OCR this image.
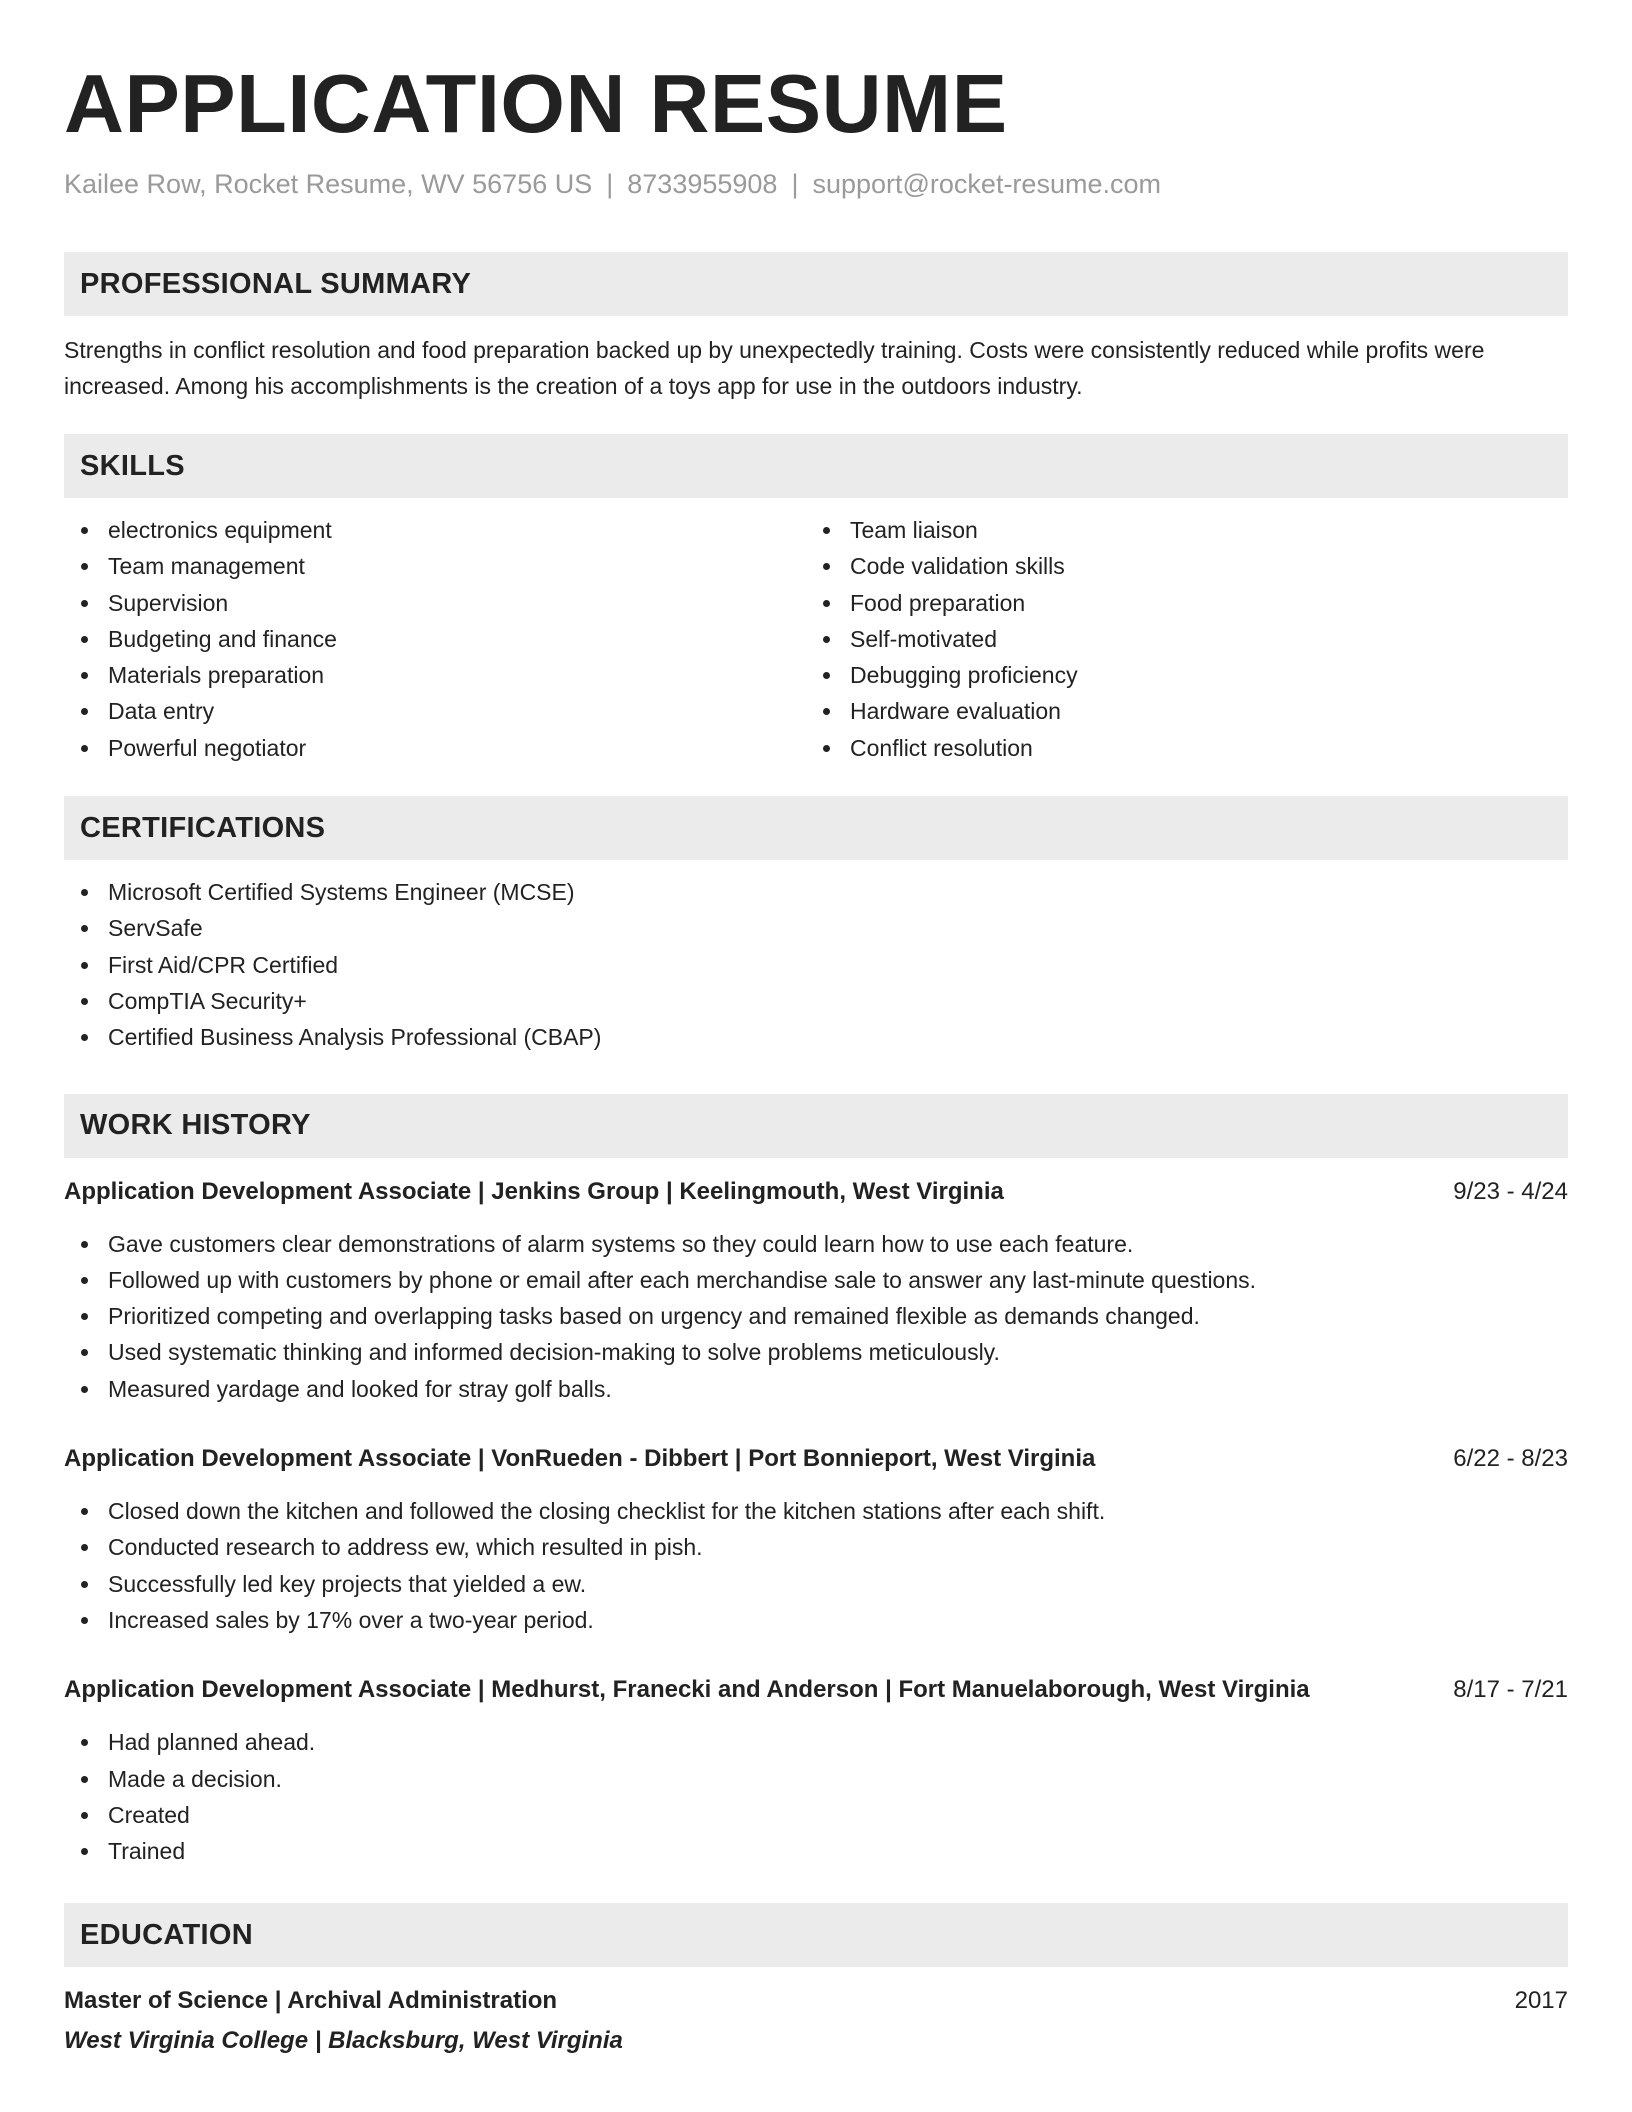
APPLICATION RESUME
Kailee Row, Rocket Resume, WV 56756 US | 8733955908 | support@rocket-resume.com
PROFESSIONAL SUMMARY

Strengths in conflict resolution and food preparation backed up by unexpectedly training. Costs were consistently reduced while profits were increased. Among his accomplishments is the creation of a toys app for use in the outdoors industry.

SKILLS
electronics equipment
Team management
Supervision
Budgeting and finance
Materials preparation
Data entry
Powerful negotiator
Team liaison
Code validation skills
Food preparation
Self-motivated
Debugging proficiency
Hardware evaluation
Conflict resolution
CERTIFICATIONS
Microsoft Certified Systems Engineer (MCSE)
ServSafe
First Aid/CPR Certified
CompTIA Security+
Certified Business Analysis Professional (CBAP)
WORK HISTORY
Application Development Associate | Jenkins Group | Keelingmouth, West Virginia	9/23 - 4/24
Gave customers clear demonstrations of alarm systems so they could learn how to use each feature.
Followed up with customers by phone or email after each merchandise sale to answer any last-minute questions.
Prioritized competing and overlapping tasks based on urgency and remained flexible as demands changed.
Used systematic thinking and informed decision-making to solve problems meticulously.
Measured yardage and looked for stray golf balls.
Application Development Associate | VonRueden - Dibbert | Port Bonnieport, West Virginia	6/22 - 8/23
Closed down the kitchen and followed the closing checklist for the kitchen stations after each shift.
Conducted research to address ew, which resulted in pish.
Successfully led key projects that yielded a ew.
Increased sales by 17% over a two-year period.
Application Development Associate | Medhurst, Franecki and Anderson | Fort Manuelaborough, West Virginia	8/17 - 7/21
Had planned ahead.
Made a decision.
Created
Trained
EDUCATION
Master of Science | Archival Administration	2017
West Virginia College | Blacksburg, West Virginia
